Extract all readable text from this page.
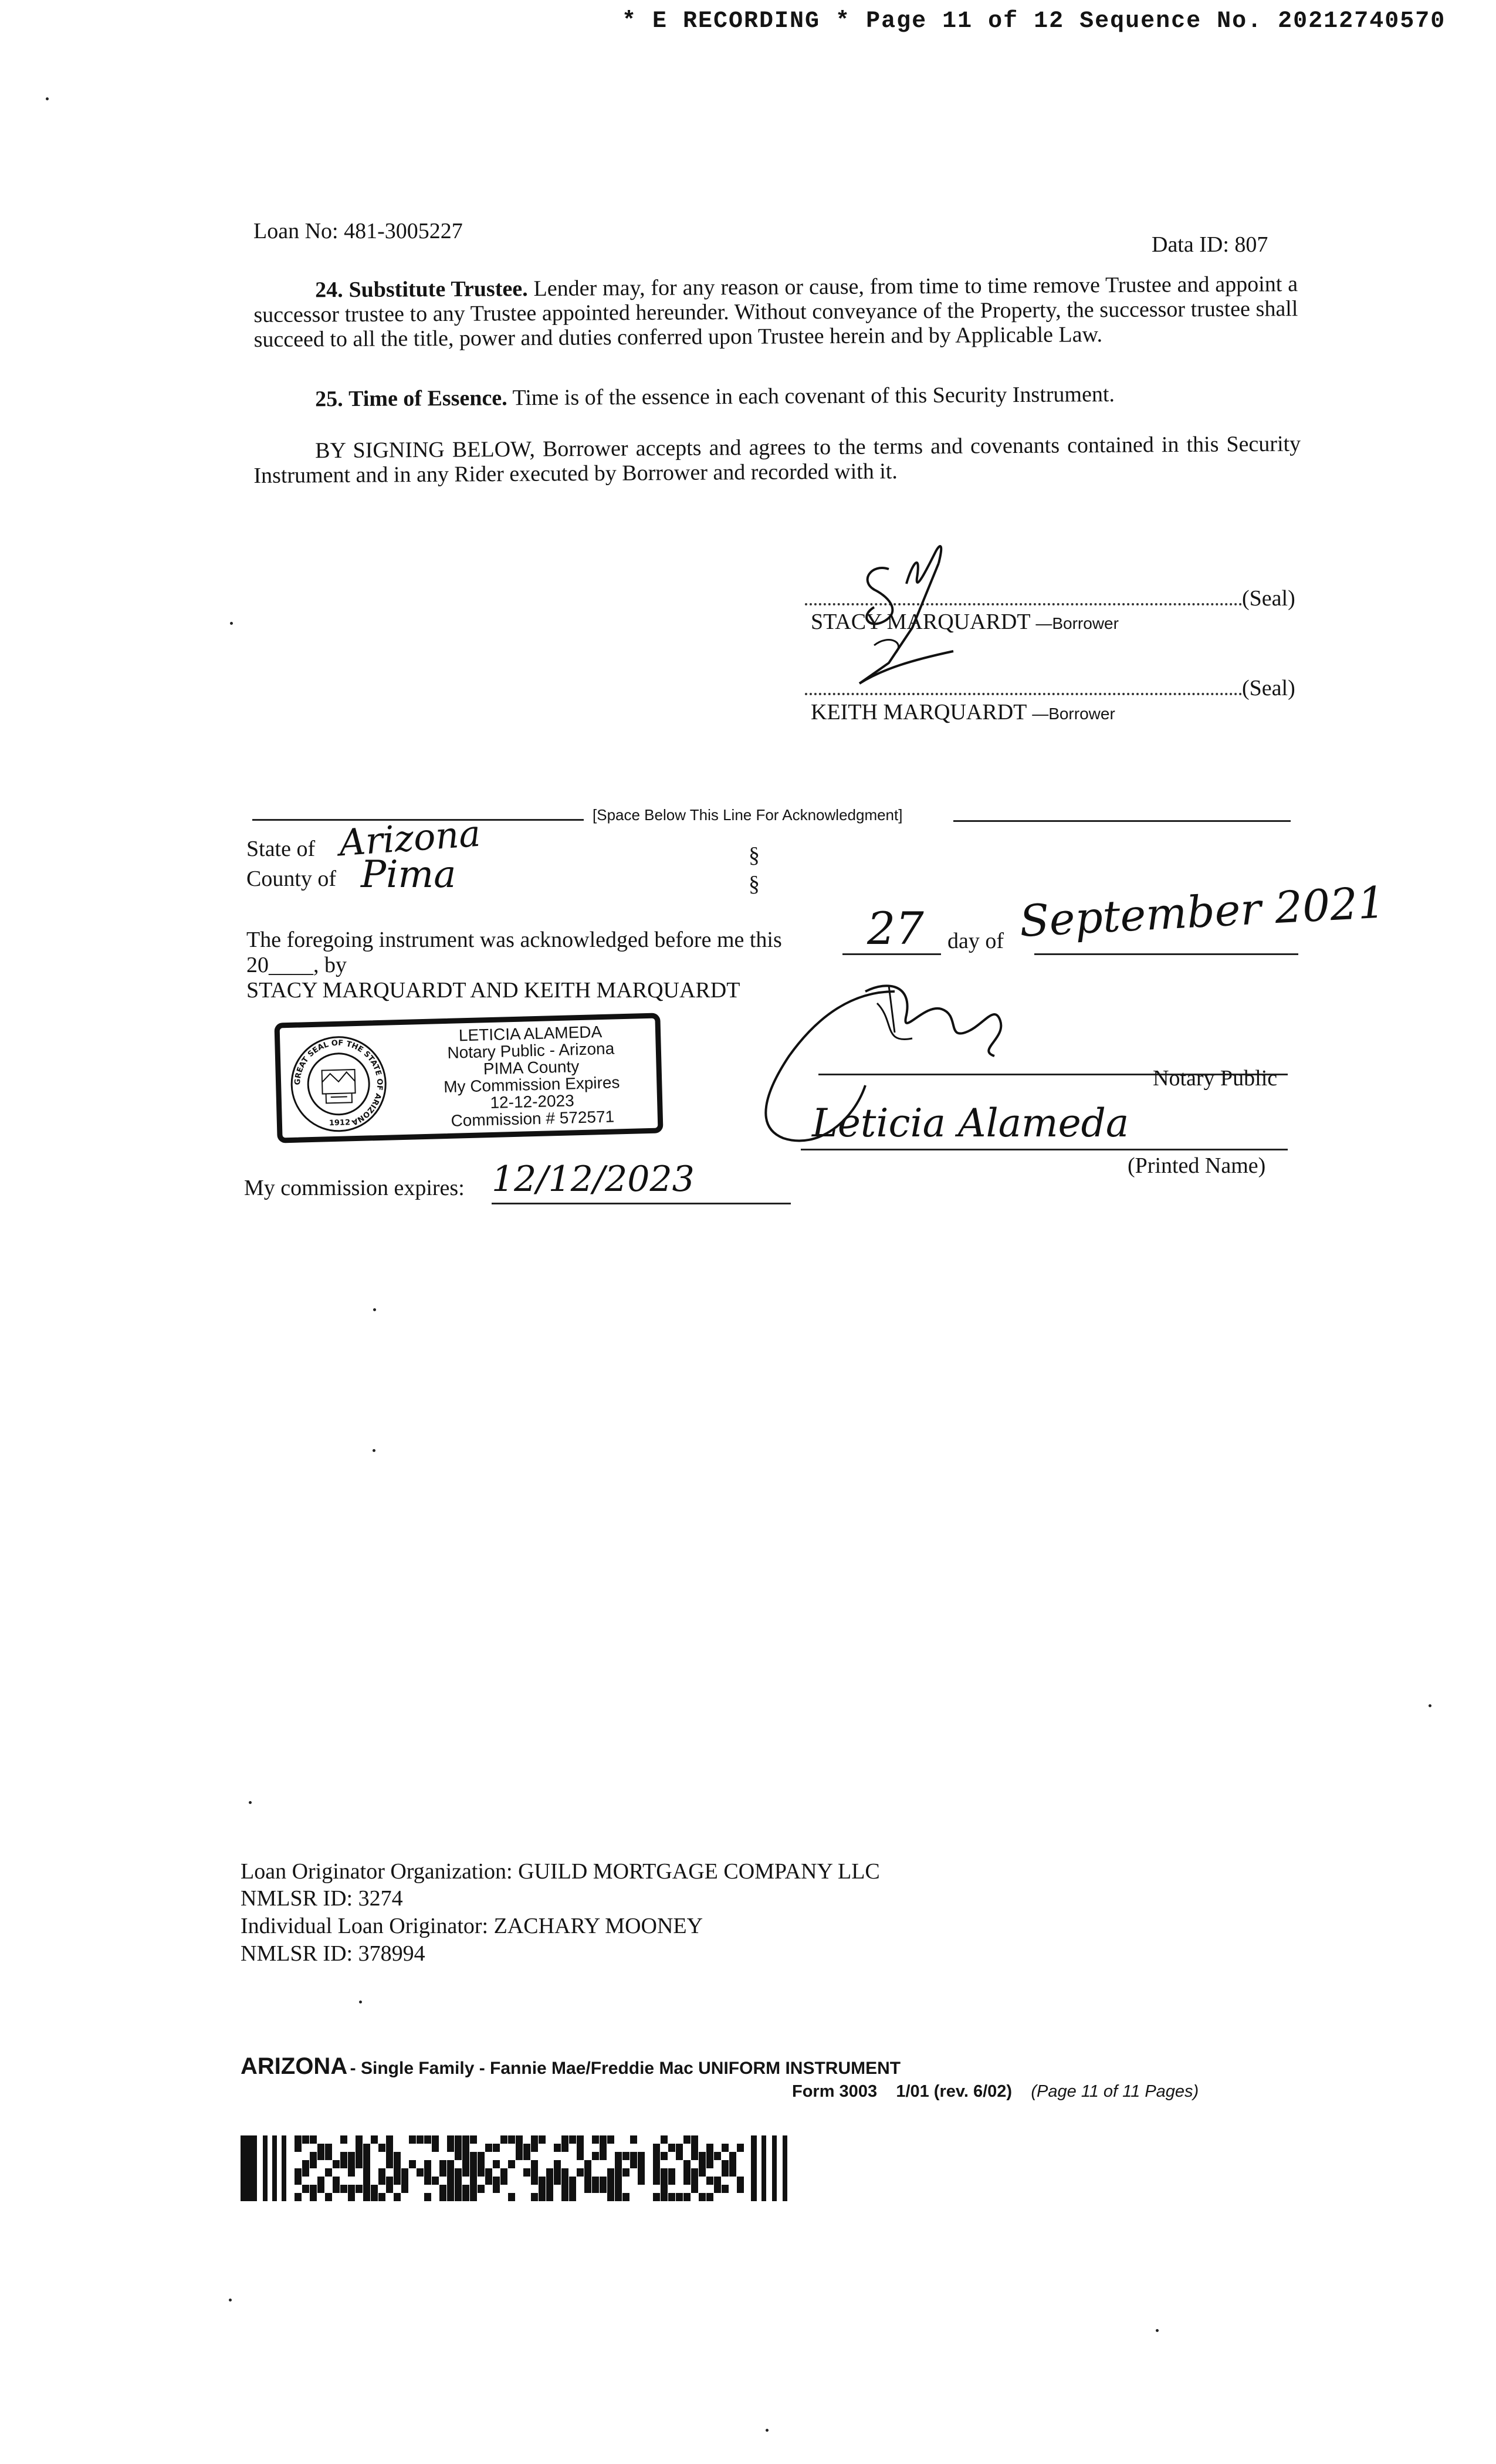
* E RECORDING * Page 11 of 12 Sequence No. 20212740570
Loan No: 481-3005227
Data ID: 807
24. Substitute Trustee. Lender may, for any reason or cause, from time to time remove Trustee and appoint a successor trustee to any Trustee appointed hereunder. Without conveyance of the Property, the successor trustee shall succeed to all the title, power and duties conferred upon Trustee herein and by Applicable Law.
25. Time of Essence. Time is of the essence in each covenant of this Security Instrument.
BY SIGNING BELOW, Borrower accepts and agrees to the terms and covenants contained in this Security Instrument and in any Rider executed by Borrower and recorded with it.
(Seal)
STACY MARQUARDT —Borrower
(Seal)
KEITH MARQUARDT —Borrower
[Space Below This Line For Acknowledgment]
State of Arizona	§
County of Pima	§
The foregoing instrument was acknowledged before me this 27 day of September 2021
20____, by
STACY MARQUARDT AND KEITH MARQUARDT
Notary Public
Leticia Alameda
(Printed Name)
My commission expires: 12/12/2023
GREAT SEAL OF THE STATE OF ARIZONA
1912
LETICIA ALAMEDA
Notary Public - Arizona
PIMA County
My Commission Expires
12-12-2023
Commission # 572571
Loan Originator Organization: GUILD MORTGAGE COMPANY LLC
NMLSR ID: 3274
Individual Loan Originator: ZACHARY MOONEY
NMLSR ID: 378994
ARIZONA - Single Family - Fannie Mae/Freddie Mac UNIFORM INSTRUMENT
Form 3003 1/01 (rev. 6/02) (Page 11 of 11 Pages)
